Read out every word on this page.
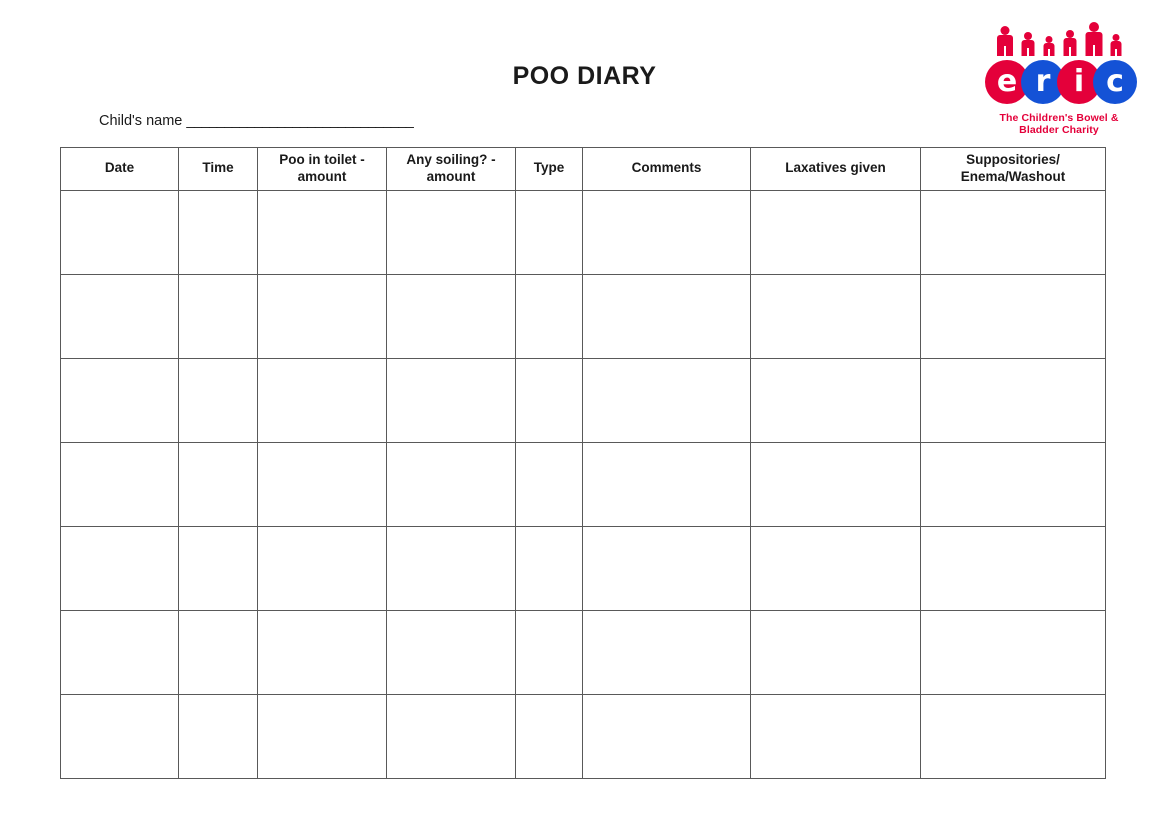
e r i c
The Children's Bowel & Bladder Charity
POO DIARY
Child's name ______________________________
Date	Time	Poo in toilet - amount	Any soiling? - amount	Type	Comments	Laxatives given	Suppositories/ Enema/Washout
